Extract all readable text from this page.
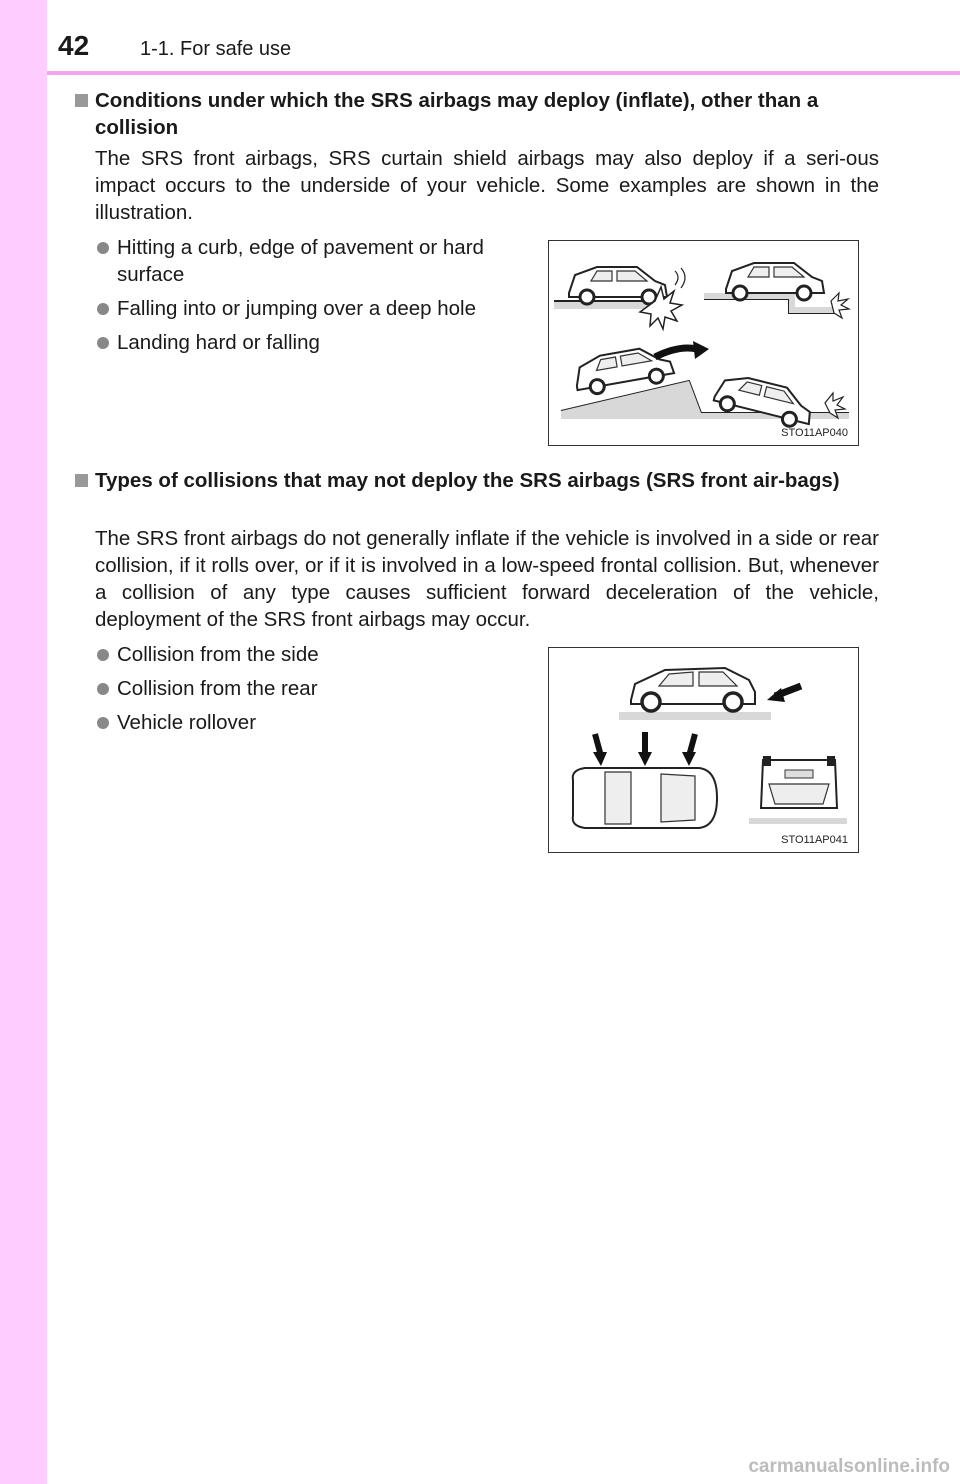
42	1-1. For safe use
Conditions under which the SRS airbags may deploy (inflate), other than a collision
The SRS front airbags, SRS curtain shield airbags may also deploy if a seri-ous impact occurs to the underside of your vehicle. Some examples are shown in the illustration.
Hitting a curb, edge of pavement or hard surface
Falling into or jumping over a deep hole
Landing hard or falling
STO11AP040
Types of collisions that may not deploy the SRS airbags (SRS front air-bags)
The SRS front airbags do not generally inflate if the vehicle is involved in a side or rear collision, if it rolls over, or if it is involved in a low-speed frontal collision. But, whenever a collision of any type causes sufficient forward deceleration of the vehicle, deployment of the SRS front airbags may occur.
Collision from the side
Collision from the rear
Vehicle rollover
STO11AP041
carmanualsonline.info
